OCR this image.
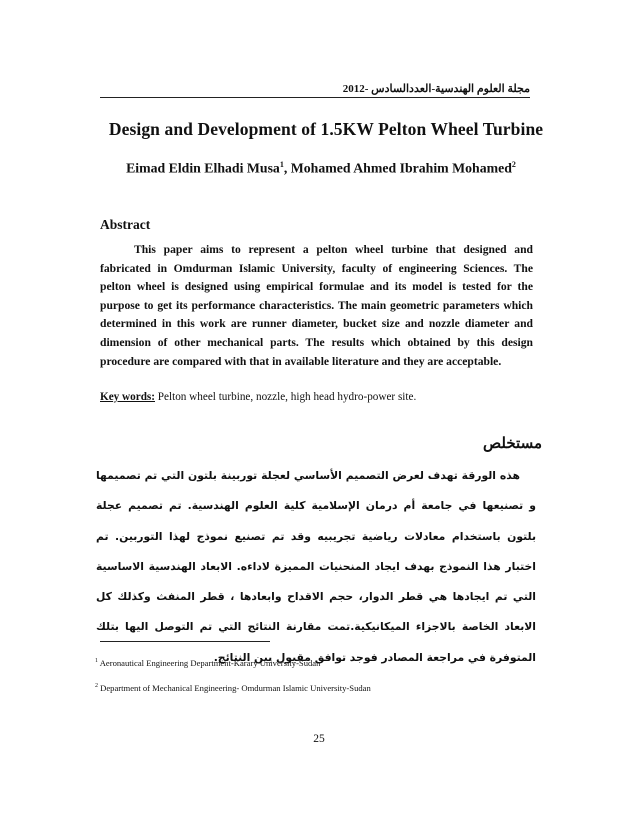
مجلة العلوم الهندسية-العددالسادس -2012
Design and Development of 1.5KW Pelton Wheel Turbine
Eimad Eldin Elhadi Musa$^1$, Mohamed Ahmed Ibrahim Mohamed$^2$
Abstract

This paper aims to represent a pelton wheel turbine that designed and fabricated in Omdurman Islamic University, faculty of engineering Sciences. The pelton wheel is designed using empirical formulae and its model is tested for the purpose to get its performance characteristics. The main geometric parameters which determined in this work are runner diameter, bucket size and nozzle diameter and dimension of other mechanical parts. The results which obtained by this design procedure are compared with that in available literature and they are acceptable.

Key words: Pelton wheel turbine, nozzle, high head hydro-power site.
مستخلص

هذه الورقة تهدف لعرض التصميم الأساسي لعجلة توربينة بلتون التي تم تصميمها و تصنيعها في جامعة أم درمان الإسلامية كلية العلوم الهندسية. تم تصميم عجلة بلتون باستخدام معادلات رياضية تجريبيه وقد تم تصنيع نموذج لهذا التوربين. تم اختبار هذا النموذج بهدف ايجاد المنحنيات المميزة لاداءه. الابعاد الهندسية الاساسية التي تم ايجادها هي قطر الدوار، حجم الاقداح وابعادها ، قطر المنفث وكذلك كل الابعاد الخاصة بالاجزاء الميكانيكية.تمت مقارنة النتائج التي تم التوصل اليها بتلك المتوفرة في مراجعة المصادر فوجد توافق مقبول بين النتائج.

$^1$ Aeronautical Engineering Department-Karary University-Sudan
$^2$ Department of Mechanical Engineering- Omdurman Islamic University-Sudan
25
